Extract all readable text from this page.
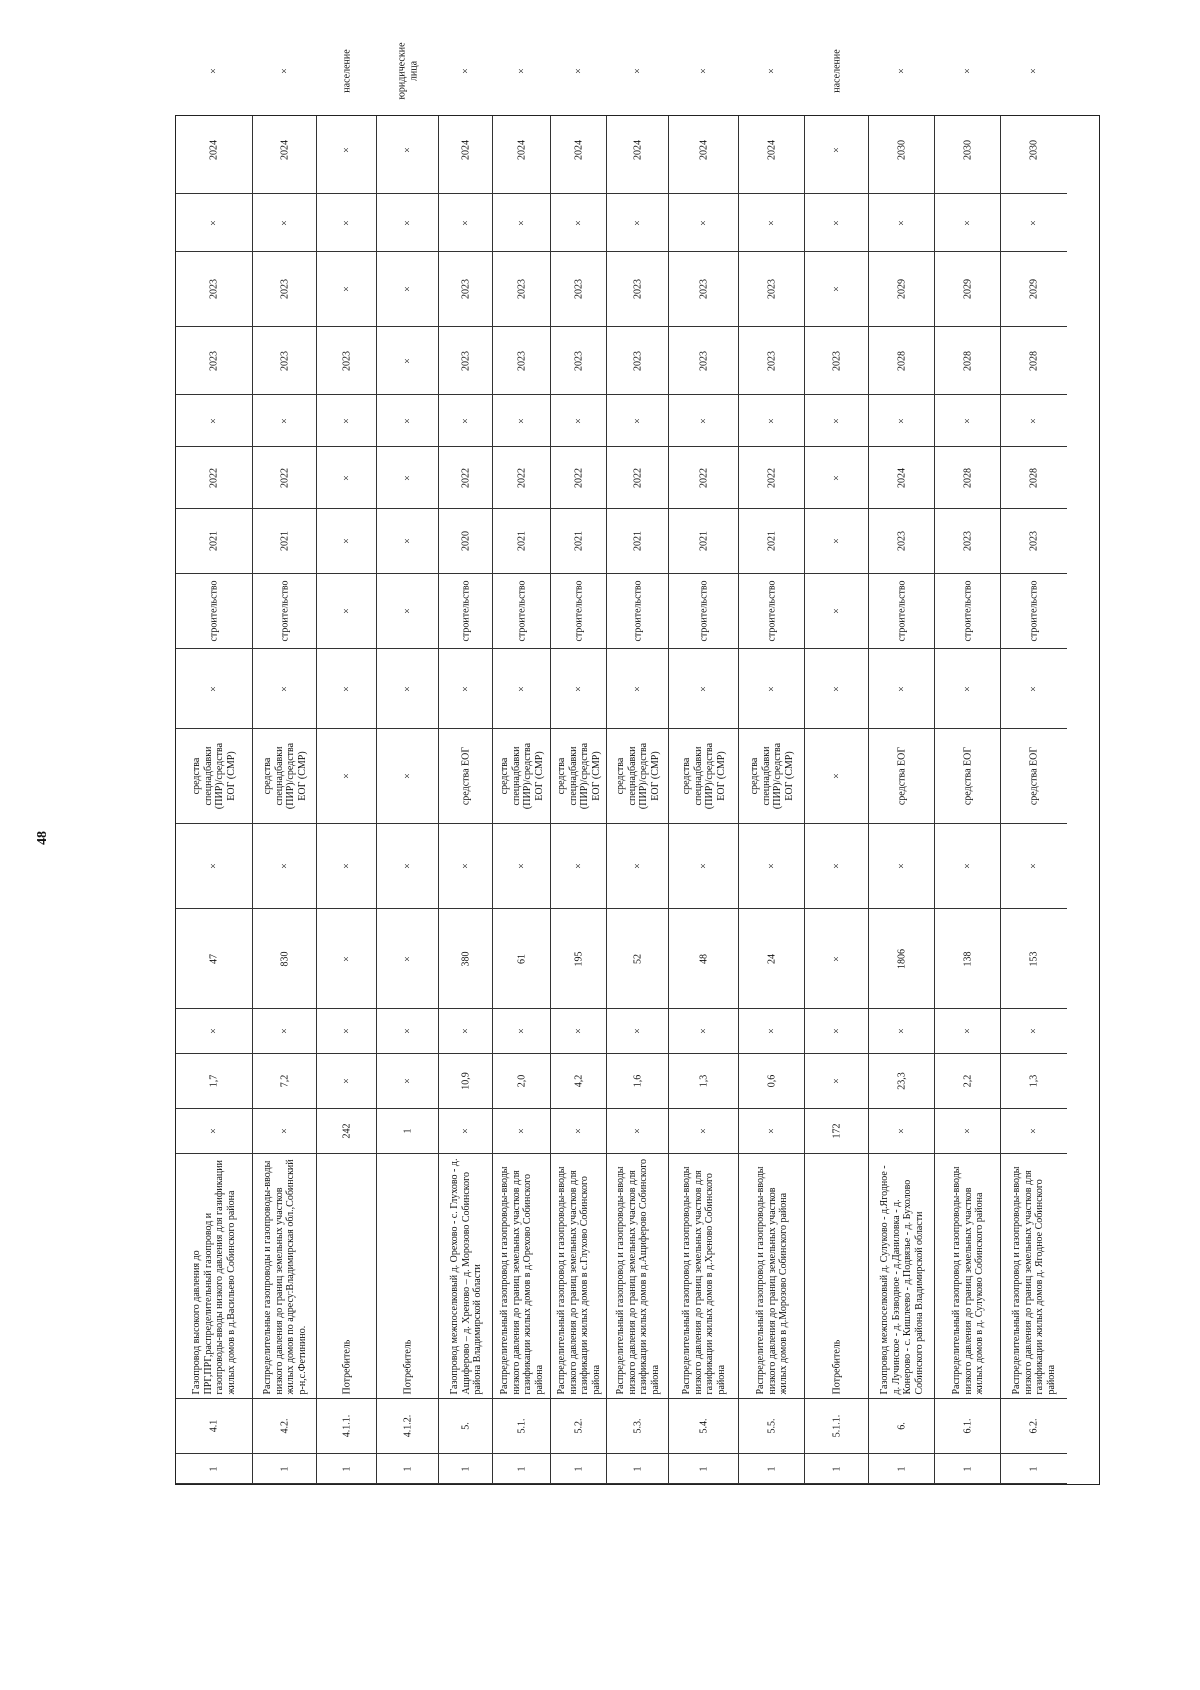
48
1
4.1
Газопровод высокого давления до ПРГ,ПРГ,распределительный газопровод и газопроводы-вводы низкого давления для газификации жилых домов в д.Васильево Собинского района
×
1,7
×
47
×
средства спецнадбавки (ПИР)/средства ЕОГ (СМР)
×
строительство
2021
2022
×
2023
2023
×
2024
×
1
4.2.
Распределительные газопроводы и газопроводы-вводы низкого давления до границ земельных участков жилых домов по адресу:Владимирская обл.,Собинский р-н,с.Фетинино.
×
7,2
×
830
×
средства спецнадбавки (ПИР)/средства ЕОГ (СМР)
×
строительство
2021
2022
×
2023
2023
×
2024
×
1
4.1.1.
Потребитель
242
×
×
×
×
×
×
×
×
×
×
2023
×
×
×
население
1
4.1.2.
Потребитель
1
×
×
×
×
×
×
×
×
×
×
×
×
×
×
юридические лица
1
5.
Газопровод межпоселковый д. Орехово - с. Глухово - д. Ащиферово – д. Хреново – д. Морозово Собинского района Владимирской области
×
10,9
×
380
×
средства ЕОГ
×
строительство
2020
2022
×
2023
2023
×
2024
×
1
5.1.
Распределительный газопровод и газопроводы-вводы низкого давления до границ земельных участков для газификации жилых домов в д.Орехово Собинского района
×
2,0
×
61
×
средства спецнадбавки (ПИР)/средства ЕОГ (СМР)
×
строительство
2021
2022
×
2023
2023
×
2024
×
1
5.2.
Распределительный газопровод и газопроводы-вводы низкого давления до границ земельных участков для газификации жилых домов в с.Глухово Собинского района
×
4,2
×
195
×
средства спецнадбавки (ПИР)/средства ЕОГ (СМР)
×
строительство
2021
2022
×
2023
2023
×
2024
×
1
5.3.
Распределительный газопровод и газопроводы-вводы низкого давления до границ земельных участков для газификации жилых домов в д.Ащиферово Собинского района
×
1,6
×
52
×
средства спецнадбавки (ПИР)/средства ЕОГ (СМР)
×
строительство
2021
2022
×
2023
2023
×
2024
×
1
5.4.
Распределительный газопровод и газопроводы-вводы низкого давления до границ земельных участков для газификации жилых домов в д.Хреново Собинского района
×
1,3
×
48
×
средства спецнадбавки (ПИР)/средства ЕОГ (СМР)
×
строительство
2021
2022
×
2023
2023
×
2024
×
1
5.5.
Распределительный газопровод и газопроводы-вводы низкого давления до границ земельных участков жилых домов в д.Морозово Собинского района
×
0,6
×
24
×
средства спецнадбавки (ПИР)/средства ЕОГ (СМР)
×
строительство
2021
2022
×
2023
2023
×
2024
×
1
5.1.1.
Потребитель
172
×
×
×
×
×
×
×
×
×
×
2023
×
×
×
население
1
6.
Газопровод межпоселковый д. Сулуково - д.Ягодное - д. Лучинское - д. Бэзводное - д.Даниловка - д. Конерово - с. Кишлеево - д.Подвязье - д. Бухолово Собинского района Владимирской области
×
23,3
×
1806
×
средства ЕОГ
×
строительство
2023
2024
×
2028
2029
×
2030
×
1
6.1.
Распределительный газопровод и газопроводы-вводы низкого давления до границ земельных участков жилых домов в д. Сулуково Собинского района
×
2,2
×
138
×
средства ЕОГ
×
строительство
2023
2028
×
2028
2029
×
2030
×
1
6.2.
Распределительный газопровод и газопроводы-вводы низкого давления до границ земельных участков для газификации жилых домов д. Ягодное Собинского района
×
1,3
×
153
×
средства ЕОГ
×
строительство
2023
2028
×
2028
2029
×
2030
×
